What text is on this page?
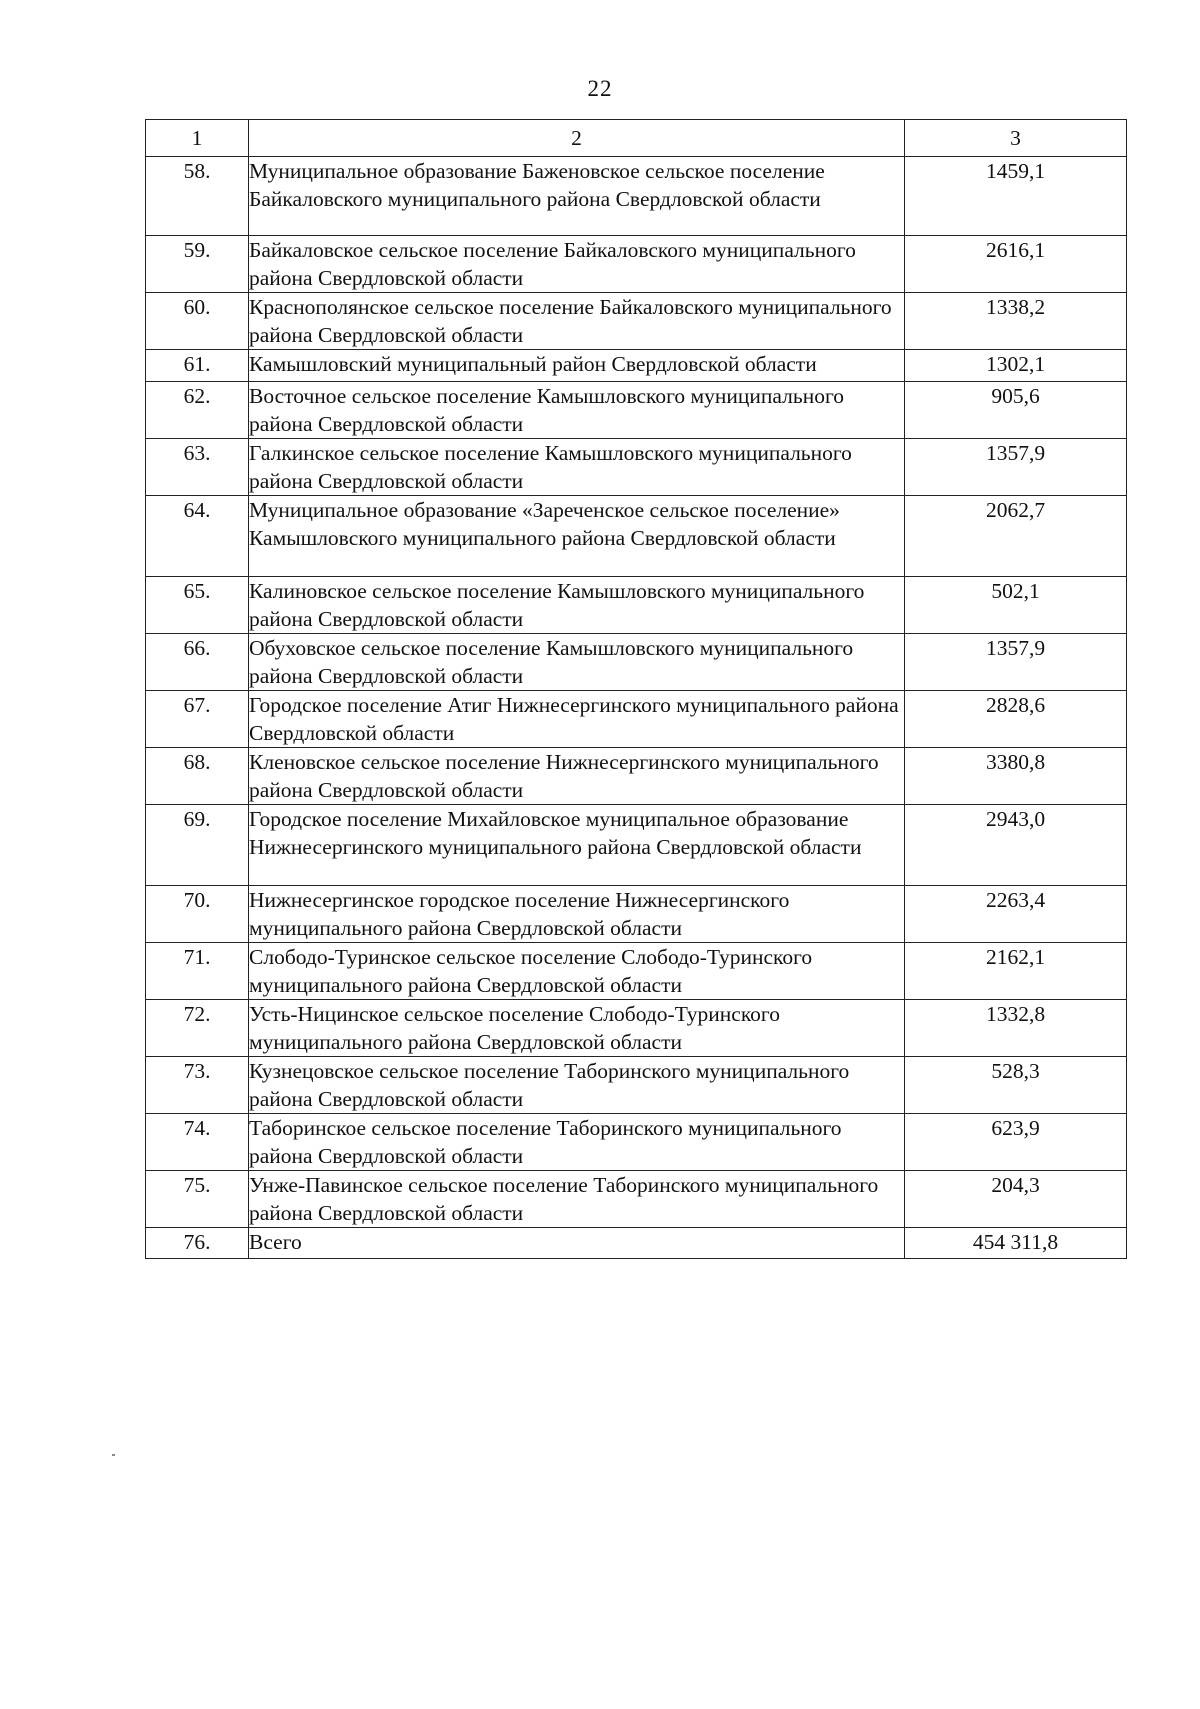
22
1	2	3
58.	Муниципальное образование Баженовское сельское поселение Байкаловского муниципального района Свердловской области	1459,1
59.	Байкаловское сельское поселение Байкаловского муниципального района Свердловской области	2616,1
60.	Краснополянское сельское поселение Байкаловского муниципального района Свердловской области	1338,2
61.	Камышловский муниципальный район Свердловской области	1302,1
62.	Восточное сельское поселение Камышловского муниципального района Свердловской области	905,6
63.	Галкинское сельское поселение Камышловского муниципального района Свердловской области	1357,9
64.	Муниципальное образование «Зареченское сельское поселение» Камышловского муниципального района Свердловской области	2062,7
65.	Калиновское сельское поселение Камышловского муниципального района Свердловской области	502,1
66.	Обуховское сельское поселение Камышловского муниципального района Свердловской области	1357,9
67.	Городское поселение Атиг Нижнесергинского муниципального района Свердловской области	2828,6
68.	Кленовское сельское поселение Нижнесергинского муниципального района Свердловской области	3380,8
69.	Городское поселение Михайловское муниципальное образование Нижнесергинского муниципального района Свердловской области	2943,0
70.	Нижнесергинское городское поселение Нижнесергинского муниципального района Свердловской области	2263,4
71.	Слободо-Туринское сельское поселение Слободо-Туринского муниципального района Свердловской области	2162,1
72.	Усть-Ницинское сельское поселение Слободо-Туринского муниципального района Свердловской области	1332,8
73.	Кузнецовское сельское поселение Таборинского муниципального района Свердловской области	528,3
74.	Таборинское сельское поселение Таборинского муниципального района Свердловской области	623,9
75.	Унже-Павинское сельское поселение Таборинского муниципального района Свердловской области	204,3
76.	Всего	454 311,8
